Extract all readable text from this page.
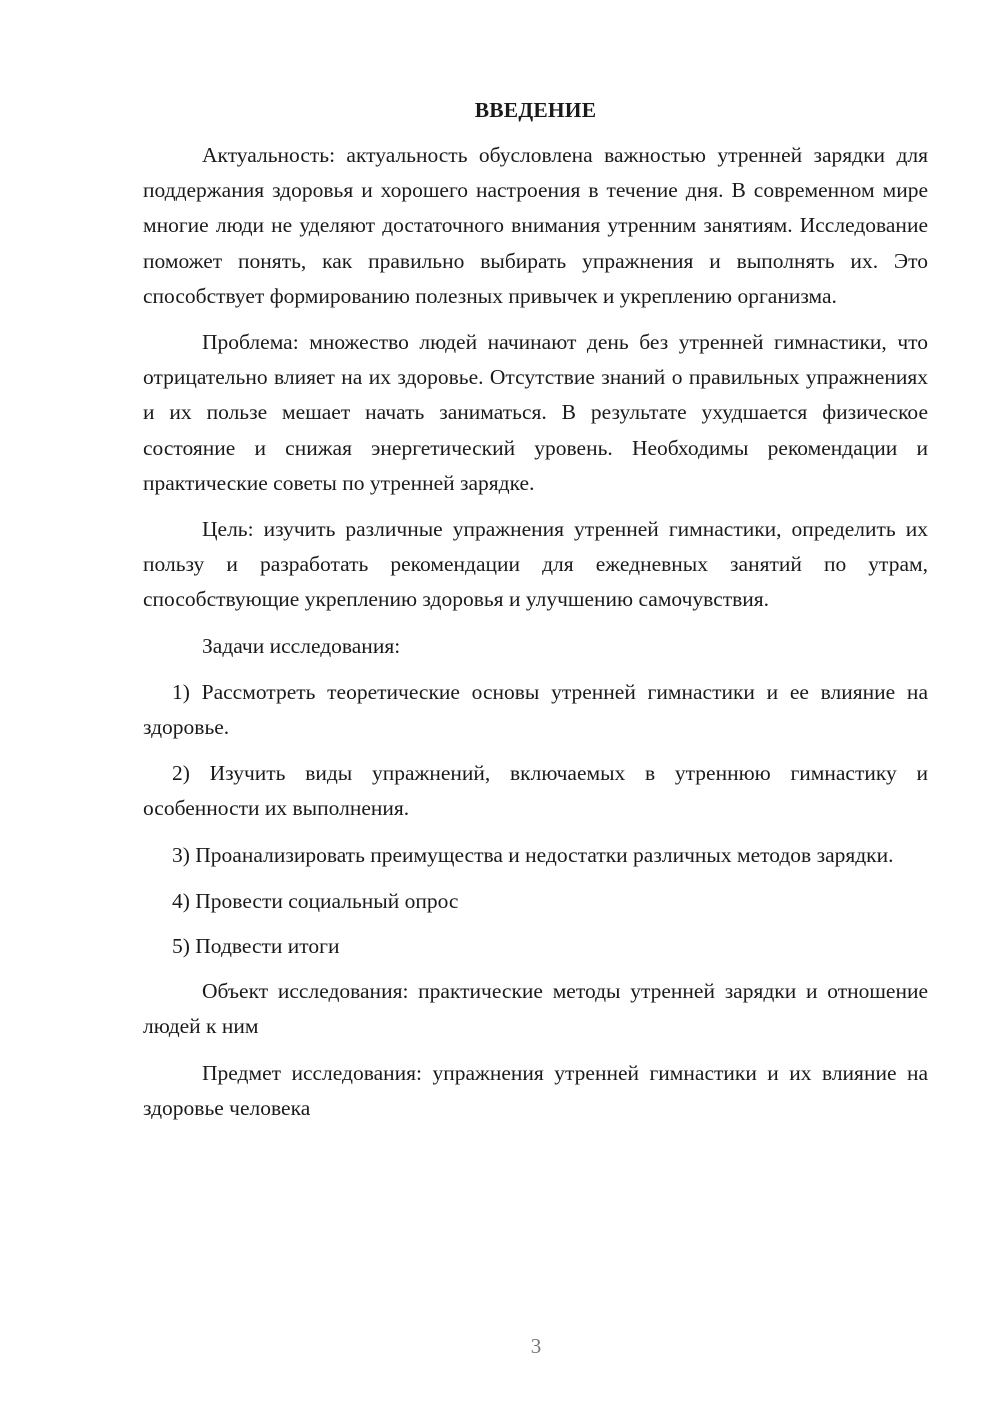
ВВЕДЕНИЕ

Актуальность: актуальность обусловлена важностью утренней зарядки для поддержания здоровья и хорошего настроения в течение дня. В современном мире многие люди не уделяют достаточного внимания утренним занятиям. Исследование поможет понять, как правильно выбирать упражнения и выполнять их. Это способствует формированию полезных привычек и укреплению организма.

Проблема: множество людей начинают день без утренней гимнастики, что отрицательно влияет на их здоровье. Отсутствие знаний о правильных упражнениях и их пользе мешает начать заниматься. В результате ухудшается физическое состояние и снижая энергетический уровень. Необходимы рекомендации и практические советы по утренней зарядке.

Цель: изучить различные упражнения утренней гимнастики, определить их пользу и разработать рекомендации для ежедневных занятий по утрам, способствующие укреплению здоровья и улучшению самочувствия.

Задачи исследования:

1) Рассмотреть теоретические основы утренней гимнастики и ее влияние на здоровье.

2) Изучить виды упражнений, включаемых в утреннюю гимнастику и особенности их выполнения.

3) Проанализировать преимущества и недостатки различных методов зарядки.

4) Провести социальный опрос

5) Подвести итоги

Объект исследования: практические методы утренней зарядки и отношение людей к ним

Предмет исследования: упражнения утренней гимнастики и их влияние на здоровье человека

3
